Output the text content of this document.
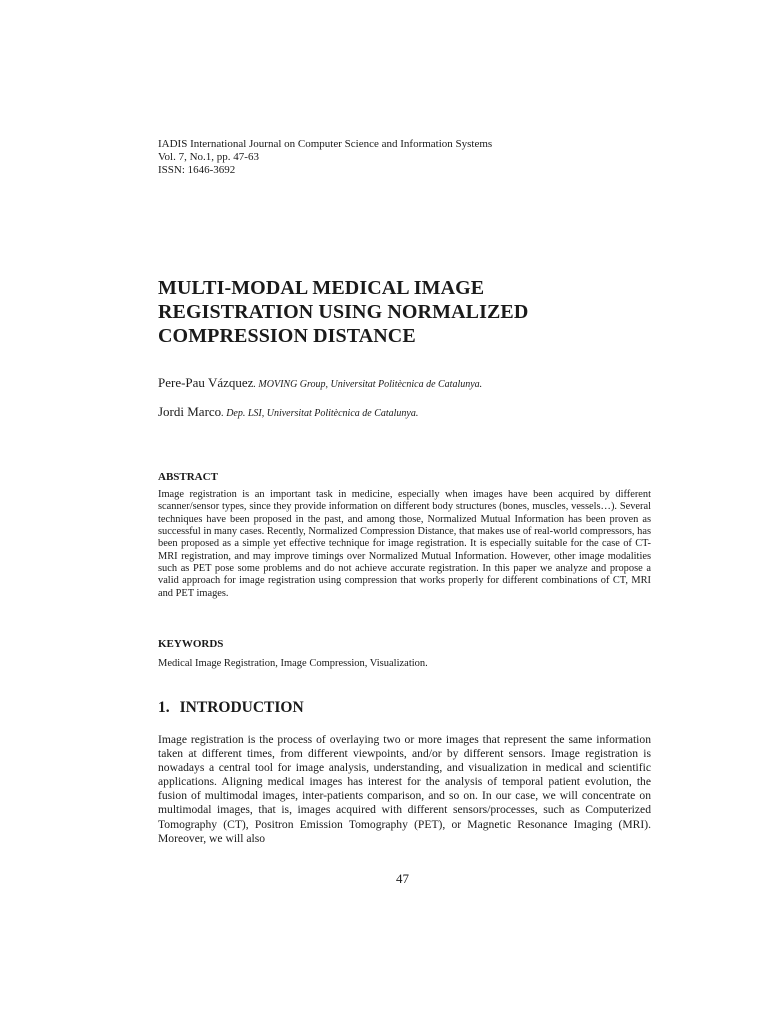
IADIS International Journal on Computer Science and Information Systems
Vol. 7, No.1, pp. 47-63
ISSN: 1646-3692
MULTI-MODAL MEDICAL IMAGE
REGISTRATION USING NORMALIZED
COMPRESSION DISTANCE
Pere-Pau Vázquez. MOVING Group, Universitat Politècnica de Catalunya.
Jordi Marco. Dep. LSI, Universitat Politècnica de Catalunya.
ABSTRACT
Image registration is an important task in medicine, especially when images have been acquired by different scanner/sensor types, since they provide information on different body structures (bones, muscles, vessels…). Several techniques have been proposed in the past, and among those, Normalized Mutual Information has been proven as successful in many cases. Recently, Normalized Compression Distance, that makes use of real-world compressors, has been proposed as a simple yet effective technique for image registration. It is especially suitable for the case of CT-MRI registration, and may improve timings over Normalized Mutual Information. However, other image modalities such as PET pose some problems and do not achieve accurate registration. In this paper we analyze and propose a valid approach for image registration using compression that works properly for different combinations of CT, MRI and PET images.
KEYWORDS
Medical Image Registration, Image Compression, Visualization.
1. INTRODUCTION
Image registration is the process of overlaying two or more images that represent the same information taken at different times, from different viewpoints, and/or by different sensors. Image registration is nowadays a central tool for image analysis, understanding, and visualization in medical and scientific applications. Aligning medical images has interest for the analysis of temporal patient evolution, the fusion of multimodal images, inter-patients comparison, and so on. In our case, we will concentrate on multimodal images, that is, images acquired with different sensors/processes, such as Computerized Tomography (CT), Positron Emission Tomography (PET), or Magnetic Resonance Imaging (MRI). Moreover, we will also
47
